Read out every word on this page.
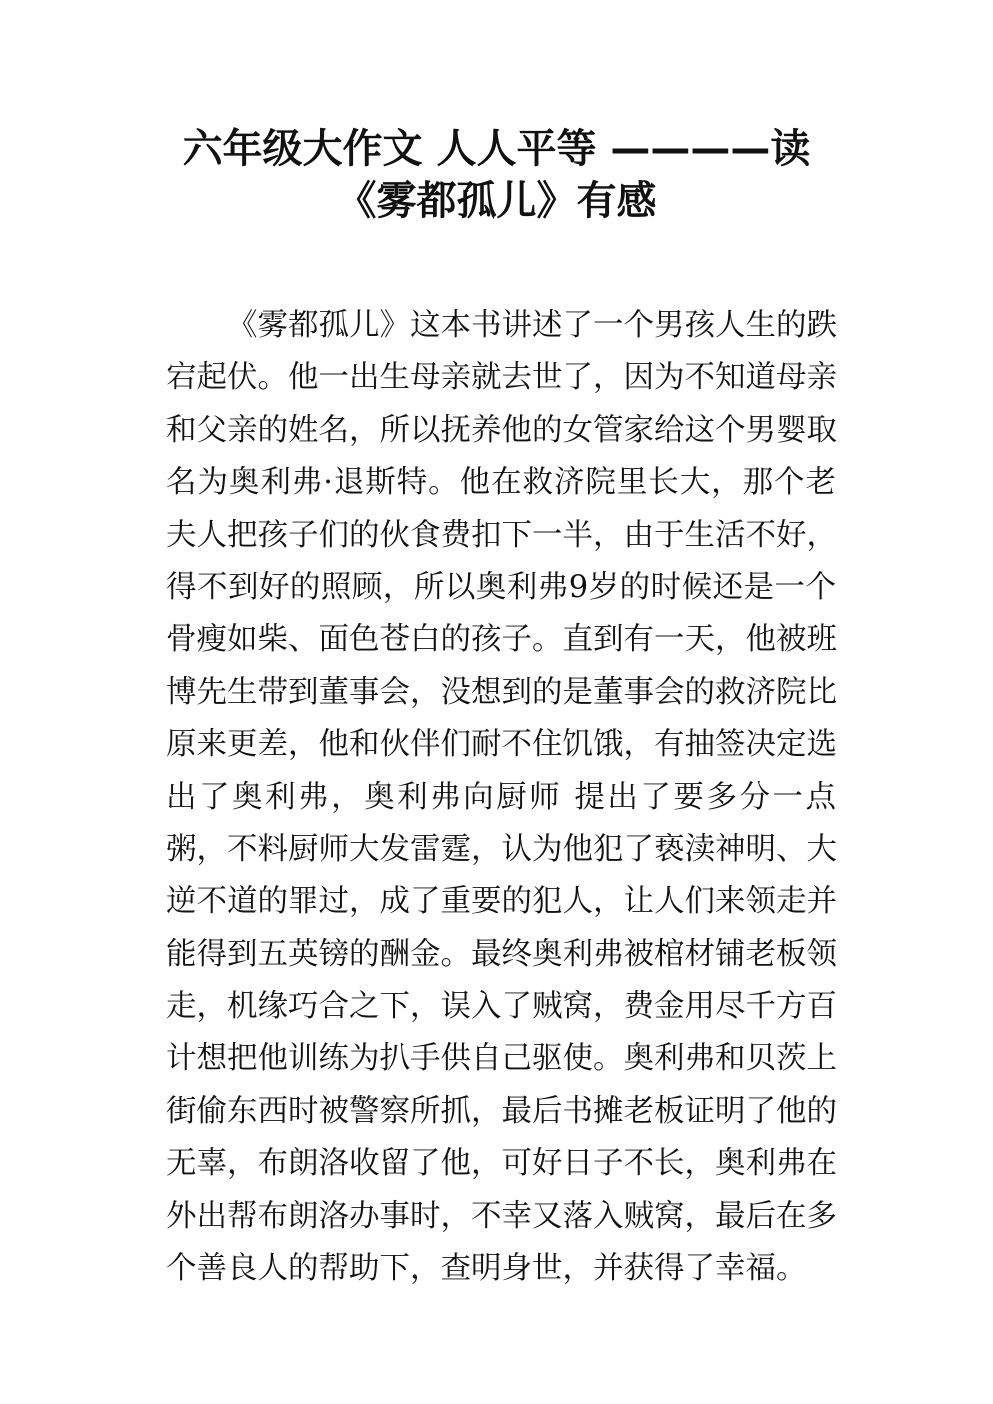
六年级大作文 人人平等 ————读
《雾都孤儿》有感
《雾都孤儿》这本书讲述了一个男孩人生的跌
宕起伏。他一出生母亲就去世了，因为不知道母亲
和父亲的姓名，所以抚养他的女管家给这个男婴取
名为奥利弗·退斯特。他在救济院里长大，那个老
夫人把孩子们的伙食费扣下一半，由于生活不好，
得不到好的照顾，所以奥利弗9岁的时候还是一个
骨瘦如柴、面色苍白的孩子。直到有一天，他被班
博先生带到董事会，没想到的是董事会的救济院比
原来更差，他和伙伴们耐不住饥饿，有抽签决定选
出了奥利弗，奥利弗向厨师 提出了要多分一点
粥，不料厨师大发雷霆，认为他犯了亵渎神明、大
逆不道的罪过，成了重要的犯人，让人们来领走并
能得到五英镑的酬金。最终奥利弗被棺材铺老板领
走，机缘巧合之下，误入了贼窝，费金用尽千方百
计想把他训练为扒手供自己驱使。奥利弗和贝茨上
街偷东西时被警察所抓，最后书摊老板证明了他的
无辜，布朗洛收留了他，可好日子不长，奥利弗在
外出帮布朗洛办事时，不幸又落入贼窝，最后在多
个善良人的帮助下，查明身世，并获得了幸福。
